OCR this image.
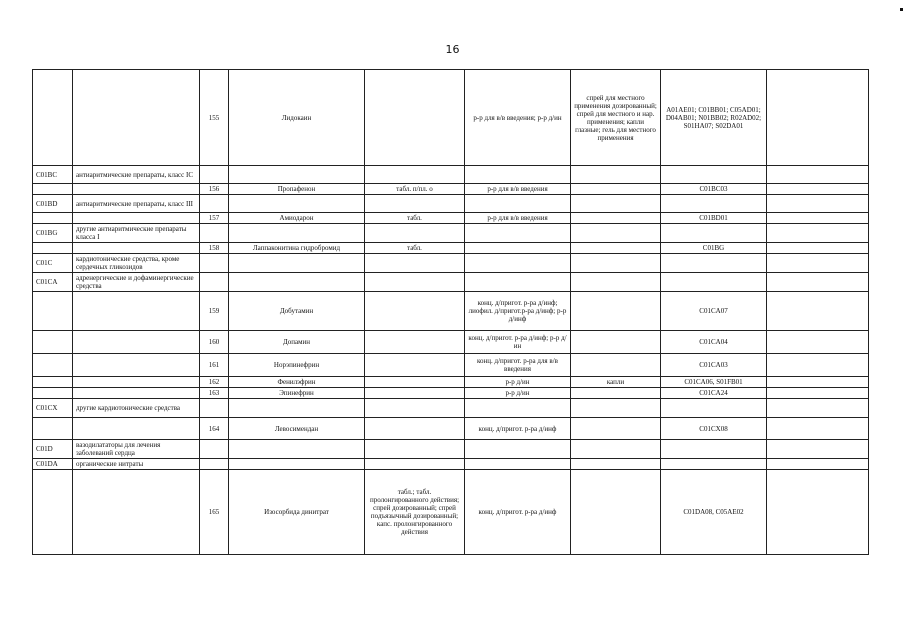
16
		155	Лидокаин		р-р для в/в введения; р-р д/ин	спрей для местного применения дозированный; спрей для местного и нар. применения; капли глазные; гель для местного применения	A01AE01; C01BB01; C05AD01; D04AB01; N01BB02; R02AD02; S01HA07; S02DA01	
C01BC	антиаритмические препараты, класс IC							
		156	Пропафенон	табл. п/пл. о	р-р для в/в введения		C01BC03	
C01BD	антиаритмические препараты, класс III							
		157	Амиодарон	табл.	р-р для в/в введения		C01BD01	
C01BG	другие антиаритмические препараты класса I							
		158	Лаппаконитина гидробромид	табл.			C01BG	
C01C	кардиотонические средства, кроме сердечных гликозидов							
C01CA	адренергические и дофаминергические средства							
		159	Добутамин		конц. д/пригот. р-ра д/инф; лиофил. д/пригот.р-ра д/инф; р-р д/инф		C01CA07	
		160	Допамин		конц. д/пригот. р-ра д/инф; р-р д/ин		C01CA04	
		161	Норэпинефрин		конц. д/пригот. р-ра для в/в введения		C01CA03	
		162	Фенилэфрин		р-р д/ин	капли	C01CA06, S01FB01	
		163	Эпинефрин		р-р д/ин		C01CA24	
C01CX	другие кардиотонические средства							
		164	Левосимендан		конц. д/пригот. р-ра д/инф		C01CX08	
C01D	вазодилататоры для лечения заболеваний сердца							
C01DA	органические нитраты							
		165	Изосорбида динитрат	табл.; табл. пролонгированного действия; спрей дозированный; спрей подъязычный дозированный; капс. пролонгированного действия	конц. д/пригот. р-ра д/инф		C01DA08, C05AE02	
